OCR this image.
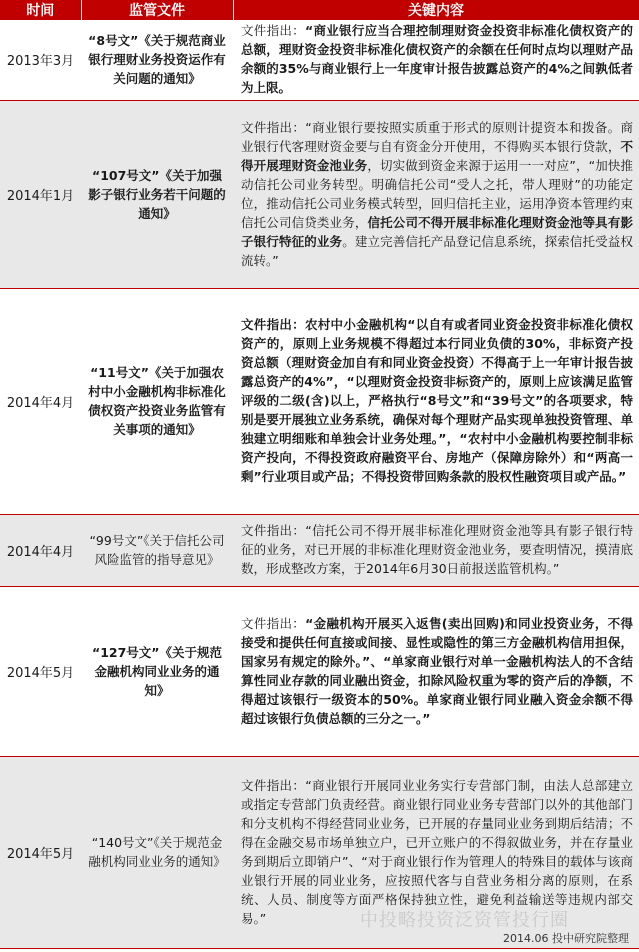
时间	监管文件	关键内容
2013年3月	“8号文”《关于规范商业银行理财业务投资运作有关问题的通知》	文件指出：“商业银行应当合理控制理财资金投资非标准化债权资产的总额，理财资金投资非标准化债权资产的余额在任何时点均以理财产品余额的35%与商业银行上一年度审计报告披露总资产的4%之间孰低者为上限。
2014年1月	“107号文”《关于加强影子银行业务若干问题的通知》	文件指出：“商业银行要按照实质重于形式的原则计提资本和拨备。商业银行代客理财资金要与自有资金分开使用，不得购买本银行贷款，不得开展理财资金池业务，切实做到资金来源于运用一一对应”，“加快推动信托公司业务转型。明确信托公司“受人之托，带人理财”的功能定位，推动信托公司业务模式转型，回归信托主业，运用净资本管理约束信托公司信贷类业务，信托公司不得开展非标准化理财资金池等具有影子银行特征的业务。建立完善信托产品登记信息系统，探索信托受益权流转。”
2014年4月	“11号文”《关于加强农村中小金融机构非标准化债权资产投资业务监管有关事项的通知》	文件指出：农村中小金融机构“以自有或者同业资金投资非标准化债权资产的，原则上业务规模不得超过本行同业负债的30%，非标资产投资总额（理财资金加自有和同业资金投资）不得高于上一年审计报告披露总资产的4%”，“以理财资金投资非标资产的，原则上应该满足监管评级的二级(含)以上，严格执行“8号文”和“39号文”的各项要求，特别是要开展独立业务系统，确保对每个理财产品实现单独投资管理、单独建立明细账和单独会计业务处理。”，“农村中小金融机构要控制非标资产投向，不得投资政府融资平台、房地产（保障房除外）和“两高一剩”行业项目或产品；不得投资带回购条款的股权性融资项目或产品。”
2014年4月	“99号文”《关于信托公司风险监管的指导意见》	文件指出：“信托公司不得开展非标准化理财资金池等具有影子银行特征的业务，对已开展的非标准化理财资金池业务，要查明情况，摸清底数，形成整改方案，于2014年6月30日前报送监管机构。”
2014年5月	“127号文”《关于规范金融机构同业业务的通知》	文件指出：“金融机构开展买入返售(卖出回购)和同业投资业务，不得接受和提供任何直接或间接、显性或隐性的第三方金融机构信用担保，国家另有规定的除外。”、“单家商业银行对单一金融机构法人的不含结算性同业存款的同业融出资金，扣除风险权重为零的资产后的净额，不得超过该银行一级资本的50%。单家商业银行同业融入资金余额不得超过该银行负债总额的三分之一。”
2014年5月	“140号文”《关于规范金融机构同业业务的通知》	文件指出：“商业银行开展同业业务实行专营部门制，由法人总部建立或指定专营部门负责经营。商业银行同业业务专营部门以外的其他部门和分支机构不得经营同业业务，已开展的存量同业业务到期后结清；不得在金融交易市场单独立户，已开立账户的不得叙做业务，并在存量业务到期后立即销户”、“对于商业银行作为管理人的特殊目的载体与该商业银行开展的同业业务，应按照代客与自营业务相分离的原则，在系统、人员、制度等方面严格保持独立性，避免利益输送等违规内部交易。”	中投略投资泛资管投行圈
2014.06 投中研究院整理
